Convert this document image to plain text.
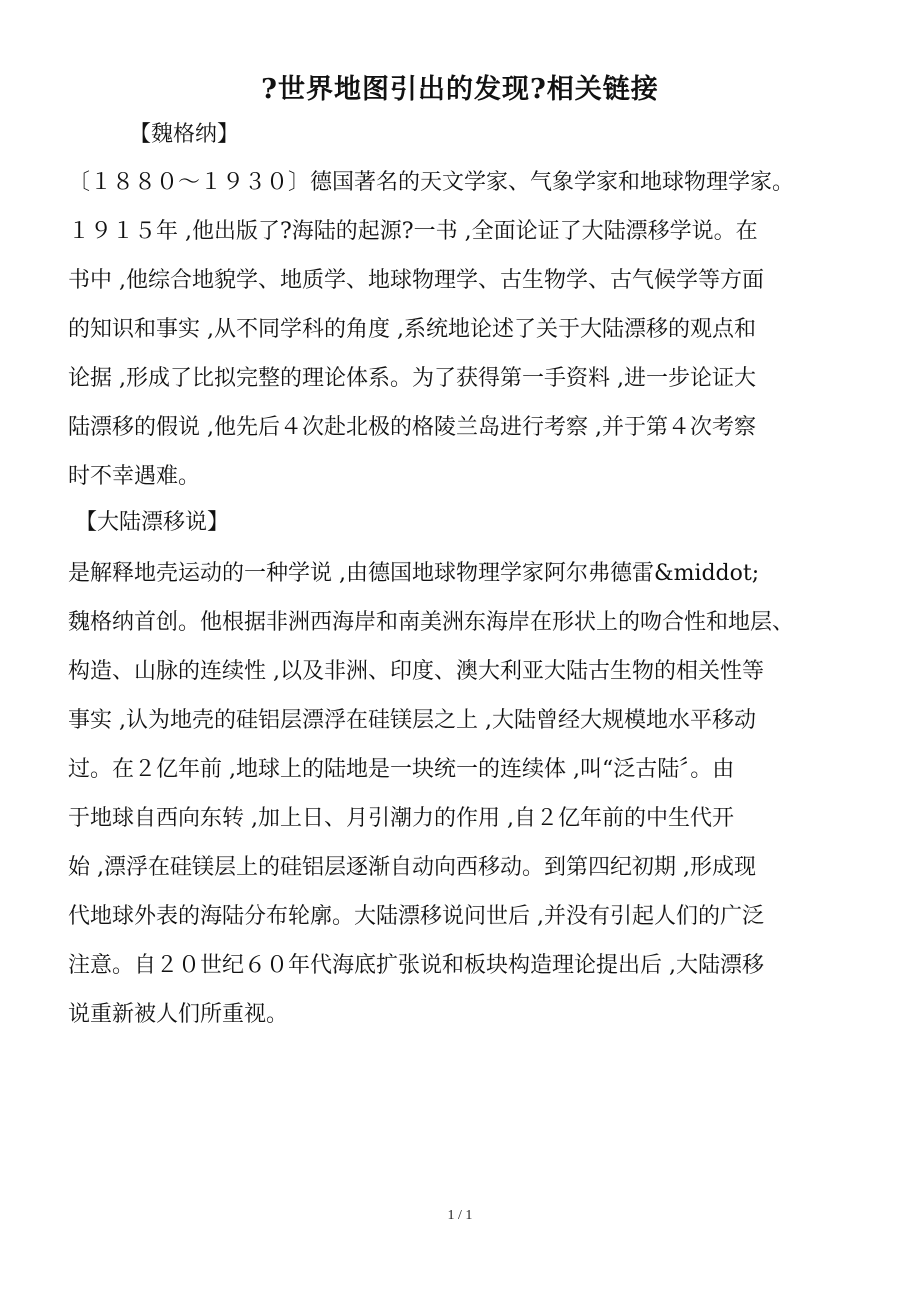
?世界地图引出的发现?相关链接
【魏格纳】
〔１８８０～１９３０〕德国著名的天文学家、气象学家和地球物理学家。
１９１５年 ,他出版了?海陆的起源?一书 ,全面论证了大陆漂移学说。在
书中 ,他综合地貌学、地质学、地球物理学、古生物学、古气候学等方面
的知识和事实 ,从不同学科的角度 ,系统地论述了关于大陆漂移的观点和
论据 ,形成了比拟完整的理论体系。为了获得第一手资料 ,进一步论证大
陆漂移的假说 ,他先后４次赴北极的格陵兰岛进行考察 ,并于第４次考察
时不幸遇难。
【大陆漂移说】
是解释地壳运动的一种学说 ,由德国地球物理学家阿尔弗德雷&middot;
魏格纳首创。他根据非洲西海岸和南美洲东海岸在形状上的吻合性和地层、
构造、山脉的连续性 ,以及非洲、印度、澳大利亚大陆古生物的相关性等
事实 ,认为地壳的硅铝层漂浮在硅镁层之上 ,大陆曾经大规模地水平移动
过。在２亿年前 ,地球上的陆地是一块统一的连续体 ,叫“泛古陆〞。由
于地球自西向东转 ,加上日、月引潮力的作用 ,自２亿年前的中生代开
始 ,漂浮在硅镁层上的硅铝层逐渐自动向西移动。到第四纪初期 ,形成现
代地球外表的海陆分布轮廓。大陆漂移说问世后 ,并没有引起人们的广泛
注意。自２０世纪６０年代海底扩张说和板块构造理论提出后 ,大陆漂移
说重新被人们所重视。
1 / 1
